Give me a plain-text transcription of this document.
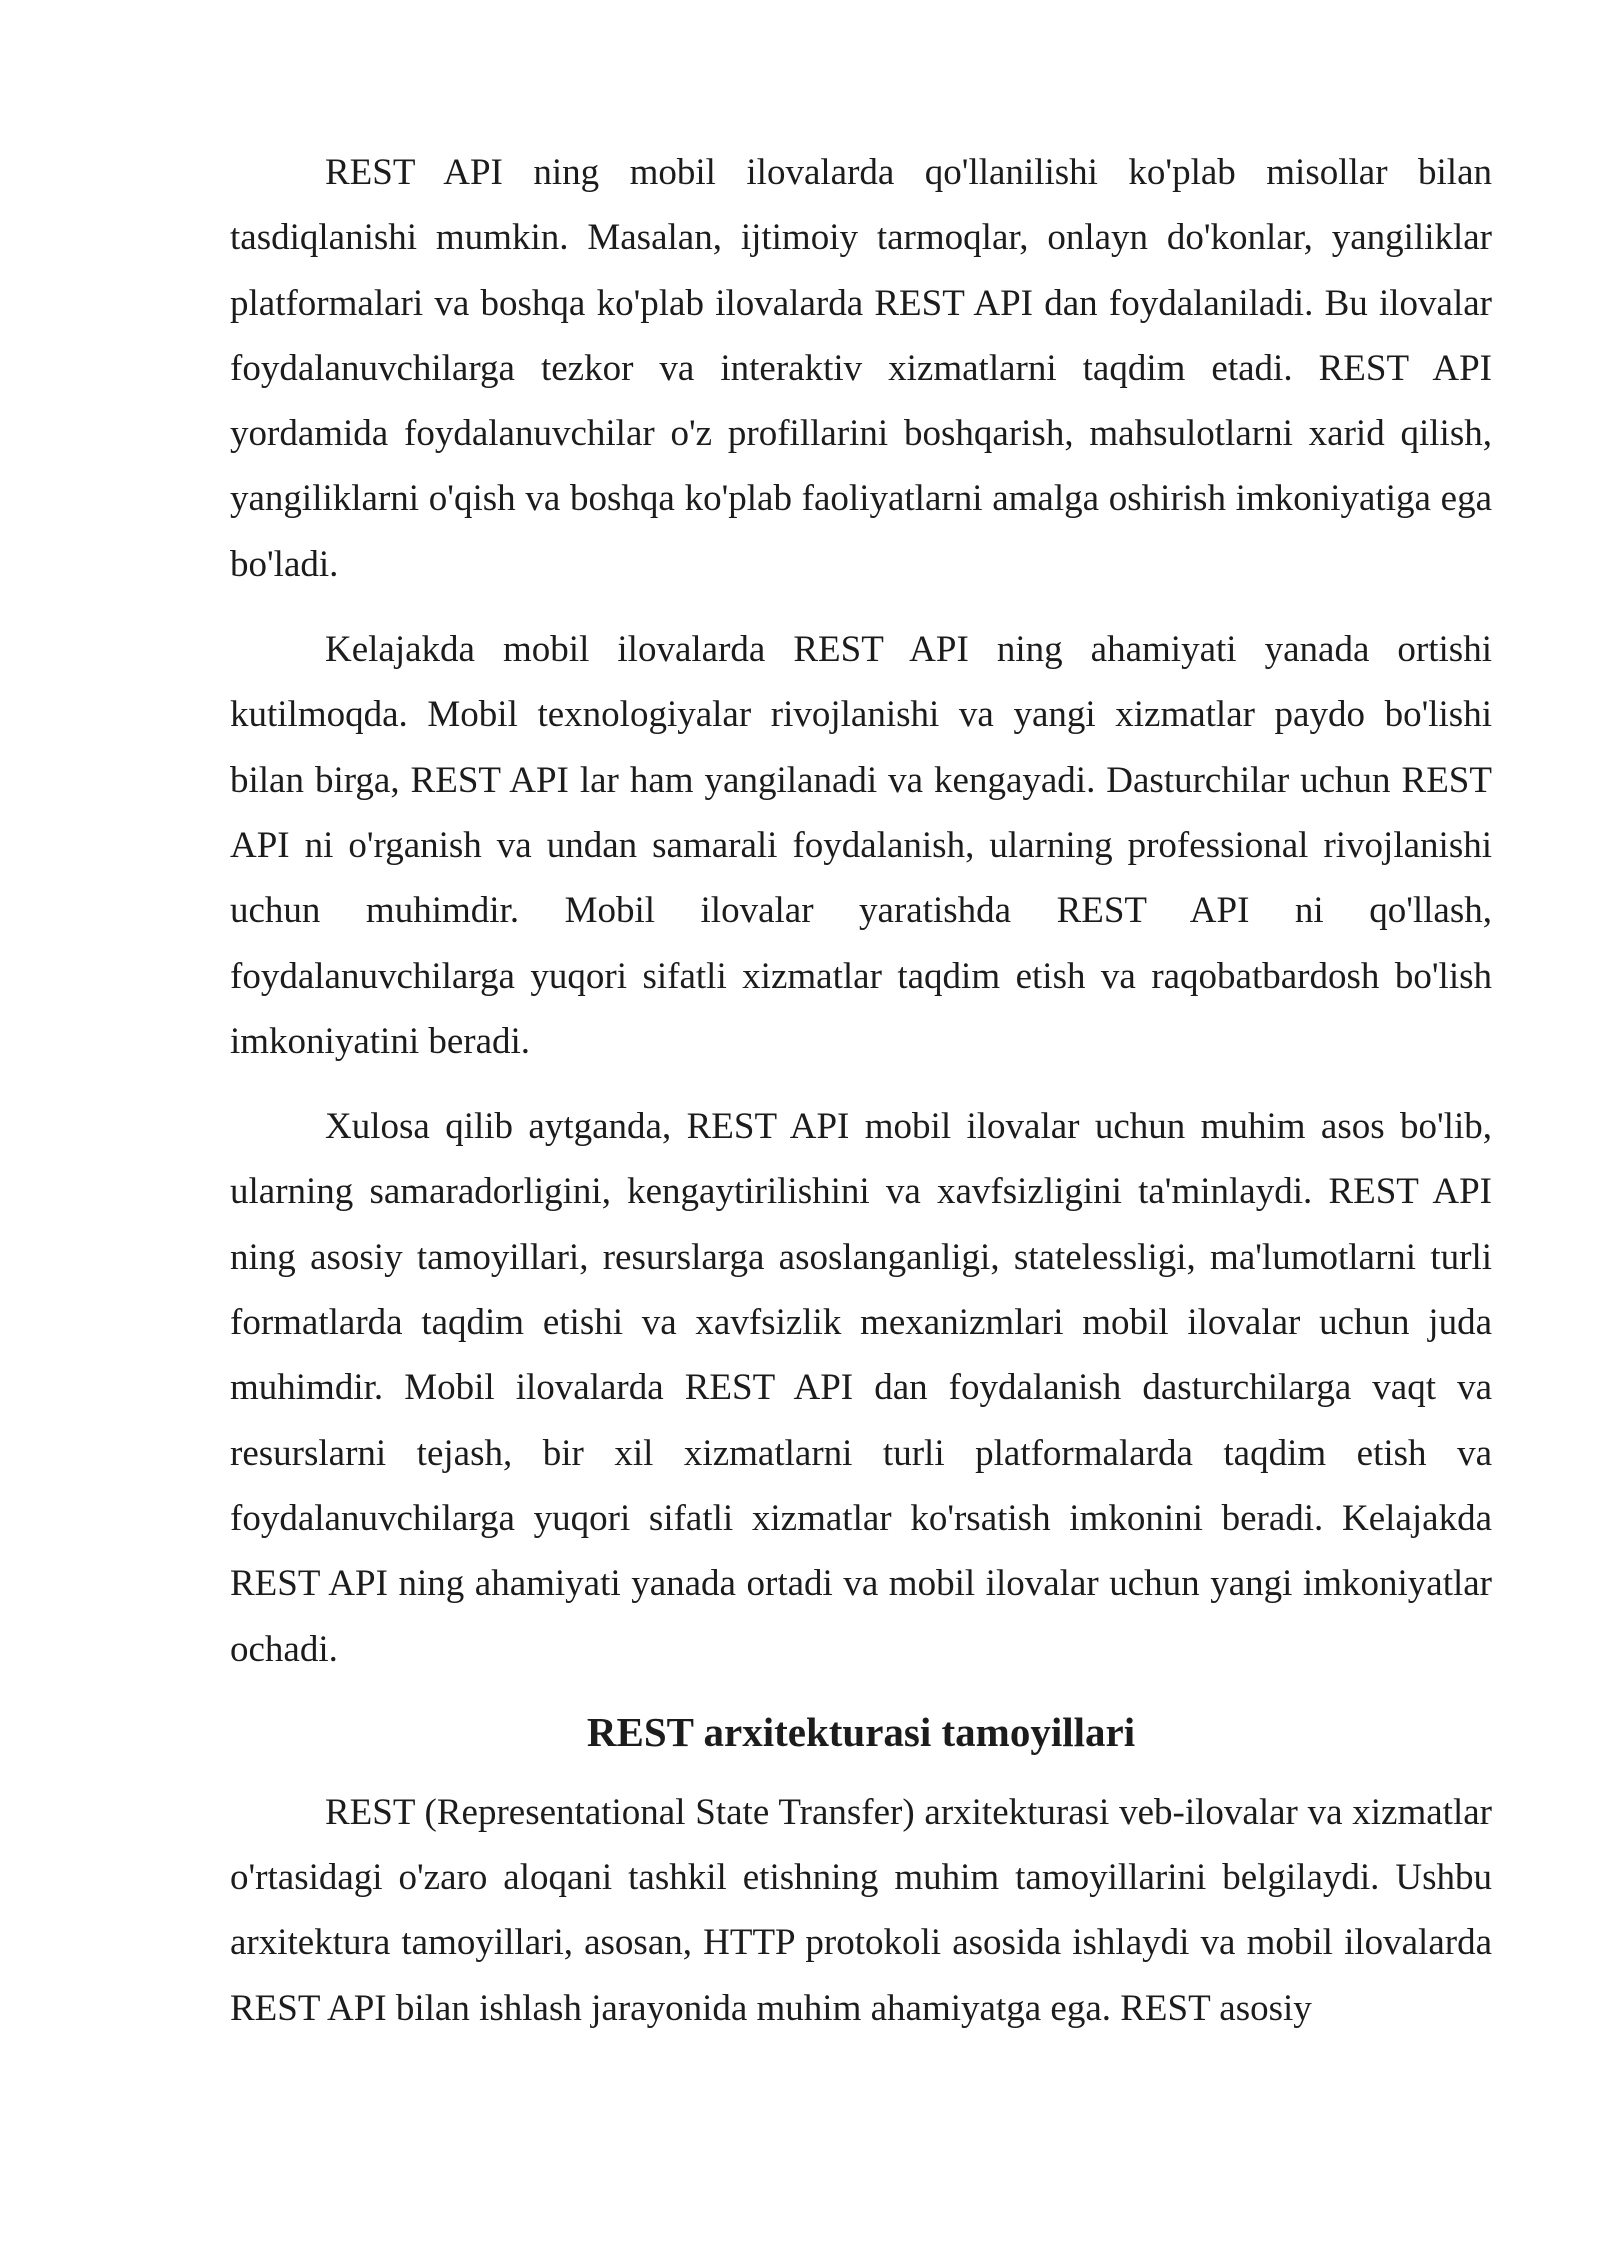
REST API ning mobil ilovalarda qo'llanilishi ko'plab misollar bilan tasdiqlanishi mumkin. Masalan, ijtimoiy tarmoqlar, onlayn do'konlar, yangiliklar platformalari va boshqa ko'plab ilovalarda REST API dan foydalaniladi. Bu ilovalar foydalanuvchilarga tezkor va interaktiv xizmatlarni taqdim etadi. REST API yordamida foydalanuvchilar o'z profillarini boshqarish, mahsulotlarni xarid qilish, yangiliklarni o'qish va boshqa ko'plab faoliyatlarni amalga oshirish imkoniyatiga ega bo'ladi.

Kelajakda mobil ilovalarda REST API ning ahamiyati yanada ortishi kutilmoqda. Mobil texnologiyalar rivojlanishi va yangi xizmatlar paydo bo'lishi bilan birga, REST API lar ham yangilanadi va kengayadi. Dasturchilar uchun REST API ni o'rganish va undan samarali foydalanish, ularning professional rivojlanishi uchun muhimdir. Mobil ilovalar yaratishda REST API ni qo'llash, foydalanuvchilarga yuqori sifatli xizmatlar taqdim etish va raqobatbardosh bo'lish imkoniyatini beradi.

Xulosa qilib aytganda, REST API mobil ilovalar uchun muhim asos bo'lib, ularning samaradorligini, kengaytirilishini va xavfsizligini ta'minlaydi. REST API ning asosiy tamoyillari, resurslarga asoslanganligi, statelessligi, ma'lumotlarni turli formatlarda taqdim etishi va xavfsizlik mexanizmlari mobil ilovalar uchun juda muhimdir. Mobil ilovalarda REST API dan foydalanish dasturchilarga vaqt va resurslarni tejash, bir xil xizmatlarni turli platformalarda taqdim etish va foydalanuvchilarga yuqori sifatli xizmatlar ko'rsatish imkonini beradi. Kelajakda REST API ning ahamiyati yanada ortadi va mobil ilovalar uchun yangi imkoniyatlar ochadi.

REST arxitekturasi tamoyillari

REST (Representational State Transfer) arxitekturasi veb-ilovalar va xizmatlar o'rtasidagi o'zaro aloqani tashkil etishning muhim tamoyillarini belgilaydi. Ushbu arxitektura tamoyillari, asosan, HTTP protokoli asosida ishlaydi va mobil ilovalarda REST API bilan ishlash jarayonida muhim ahamiyatga ega. REST asosiy
